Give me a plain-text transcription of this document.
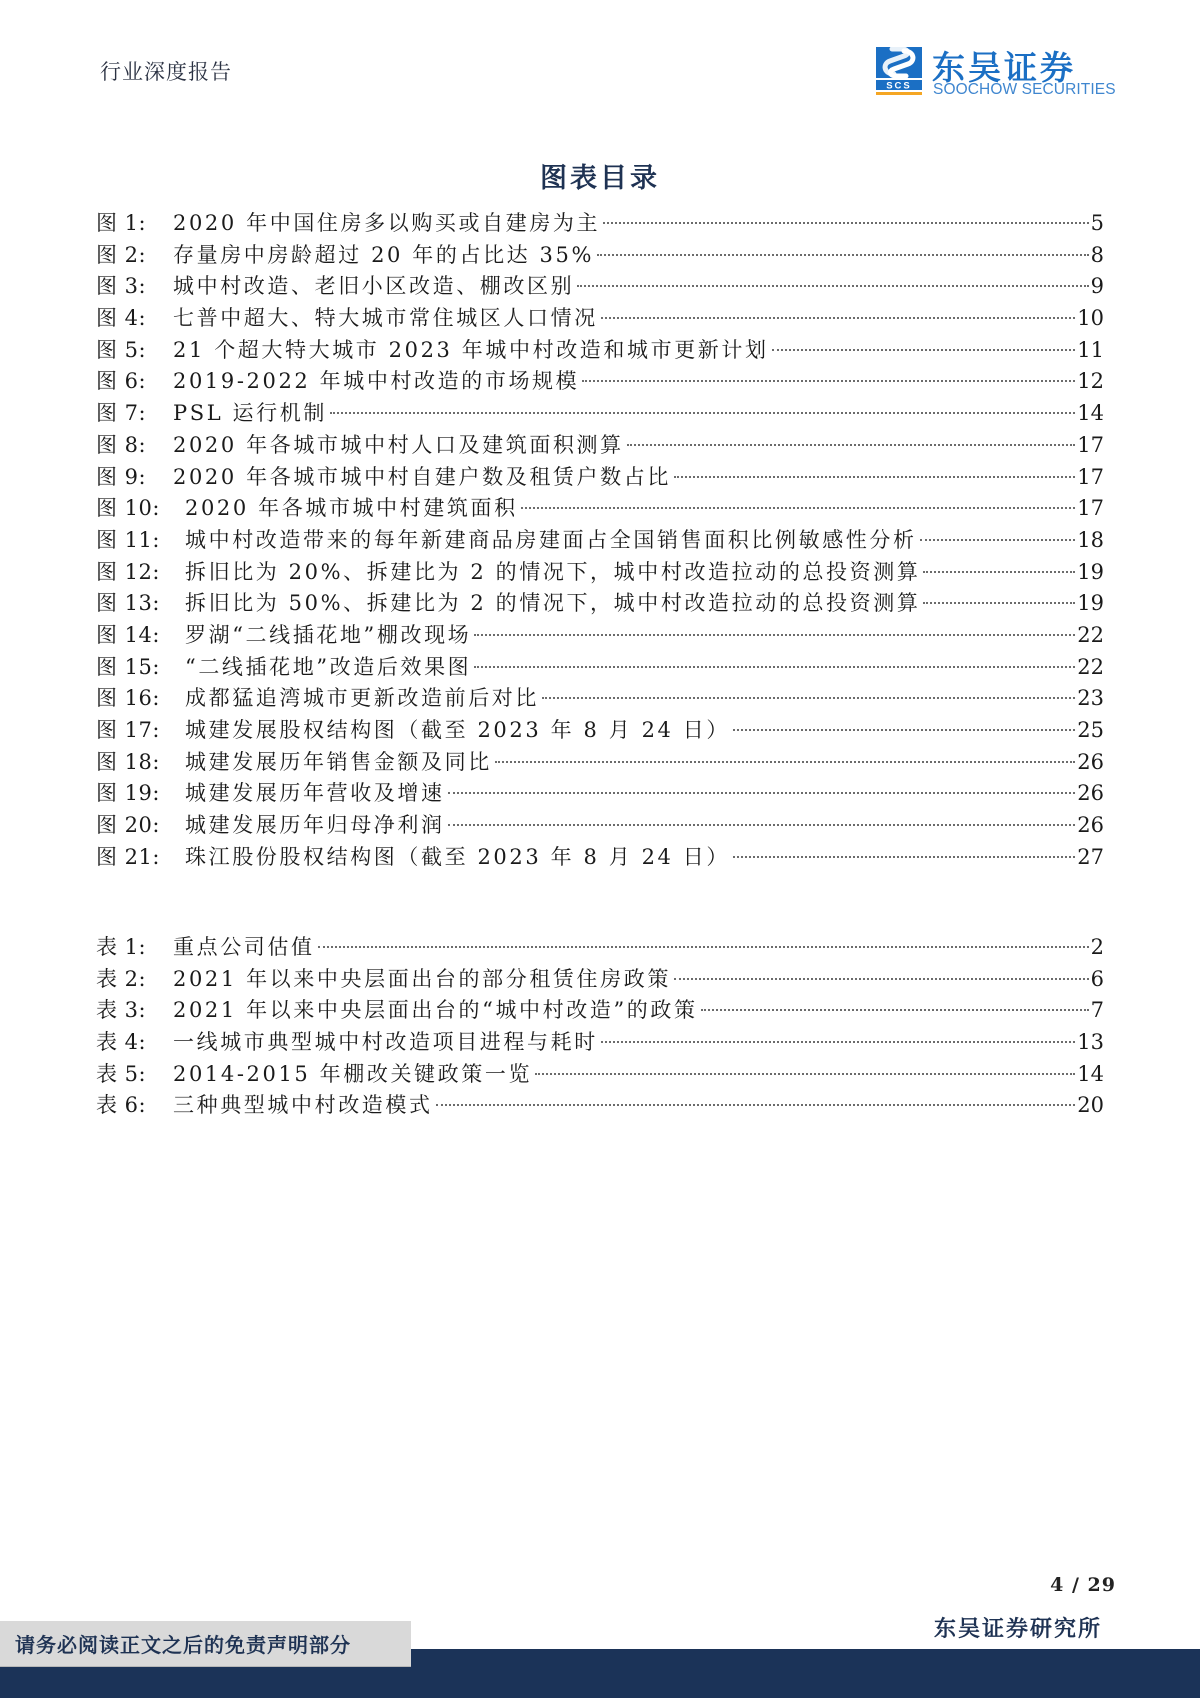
行业深度报告
SCS 东吴证券
SOOCHOW SECURITIES
图表目录
图 1:	2020 年中国住房多以购买或自建房为主	5
图 2:	存量房中房龄超过 20 年的占比达 35%	8
图 3:	城中村改造、老旧小区改造、棚改区别	9
图 4:	七普中超大、特大城市常住城区人口情况	10
图 5:	21 个超大特大城市 2023 年城中村改造和城市更新计划	11
图 6:	2019-2022 年城中村改造的市场规模	12
图 7:	PSL 运行机制	14
图 8:	2020 年各城市城中村人口及建筑面积测算	17
图 9:	2020 年各城市城中村自建户数及租赁户数占比	17
图 10:	2020 年各城市城中村建筑面积	17
图 11:	城中村改造带来的每年新建商品房建面占全国销售面积比例敏感性分析	18
图 12:	拆旧比为 20%、拆建比为 2 的情况下，城中村改造拉动的总投资测算	19
图 13:	拆旧比为 50%、拆建比为 2 的情况下，城中村改造拉动的总投资测算	19
图 14:	罗湖“二线插花地”棚改现场	22
图 15:	“二线插花地”改造后效果图	22
图 16:	成都猛追湾城市更新改造前后对比	23
图 17:	城建发展股权结构图（截至 2023 年 8 月 24 日）	25
图 18:	城建发展历年销售金额及同比	26
图 19:	城建发展历年营收及增速	26
图 20:	城建发展历年归母净利润	26
图 21:	珠江股份股权结构图（截至 2023 年 8 月 24 日）	27
表 1:	重点公司估值	2
表 2:	2021 年以来中央层面出台的部分租赁住房政策	6
表 3:	2021 年以来中央层面出台的“城中村改造”的政策	7
表 4:	一线城市典型城中村改造项目进程与耗时	13
表 5:	2014-2015 年棚改关键政策一览	14
表 6:	三种典型城中村改造模式	20
4 / 29
东吴证券研究所
请务必阅读正文之后的免责声明部分
